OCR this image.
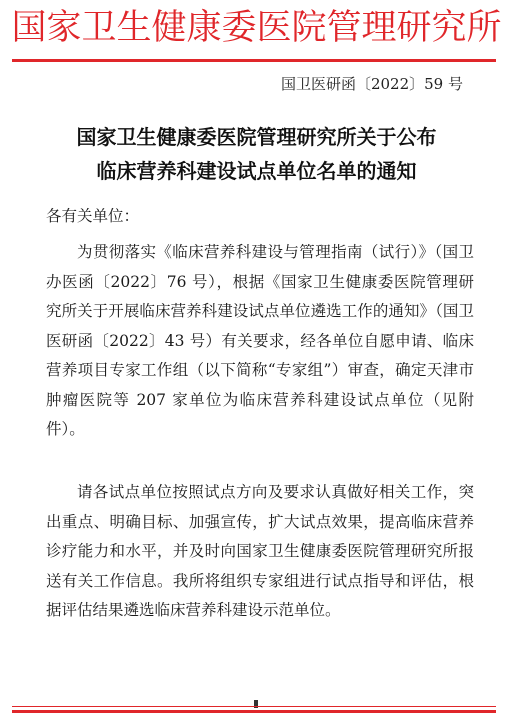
国家卫生健康委医院管理研究所
国卫医研函〔2022〕59 号
国家卫生健康委医院管理研究所关于公布
临床营养科建设试点单位名单的通知
各有关单位：
为贯彻落实《临床营养科建设与管理指南（试行）》（国卫办医函〔2022〕76 号），根据《国家卫生健康委医院管理研究所关于开展临床营养科建设试点单位遴选工作的通知》（国卫医研函〔2022〕43 号）有关要求，经各单位自愿申请、临床营养项目专家工作组（以下简称“专家组”）审查，确定天津市肿瘤医院等 207 家单位为临床营养科建设试点单位（见附件）。
请各试点单位按照试点方向及要求认真做好相关工作，突出重点、明确目标、加强宣传，扩大试点效果，提高临床营养诊疗能力和水平，并及时向国家卫生健康委医院管理研究所报送有关工作信息。我所将组织专家组进行试点指导和评估，根据评估结果遴选临床营养科建设示范单位。
